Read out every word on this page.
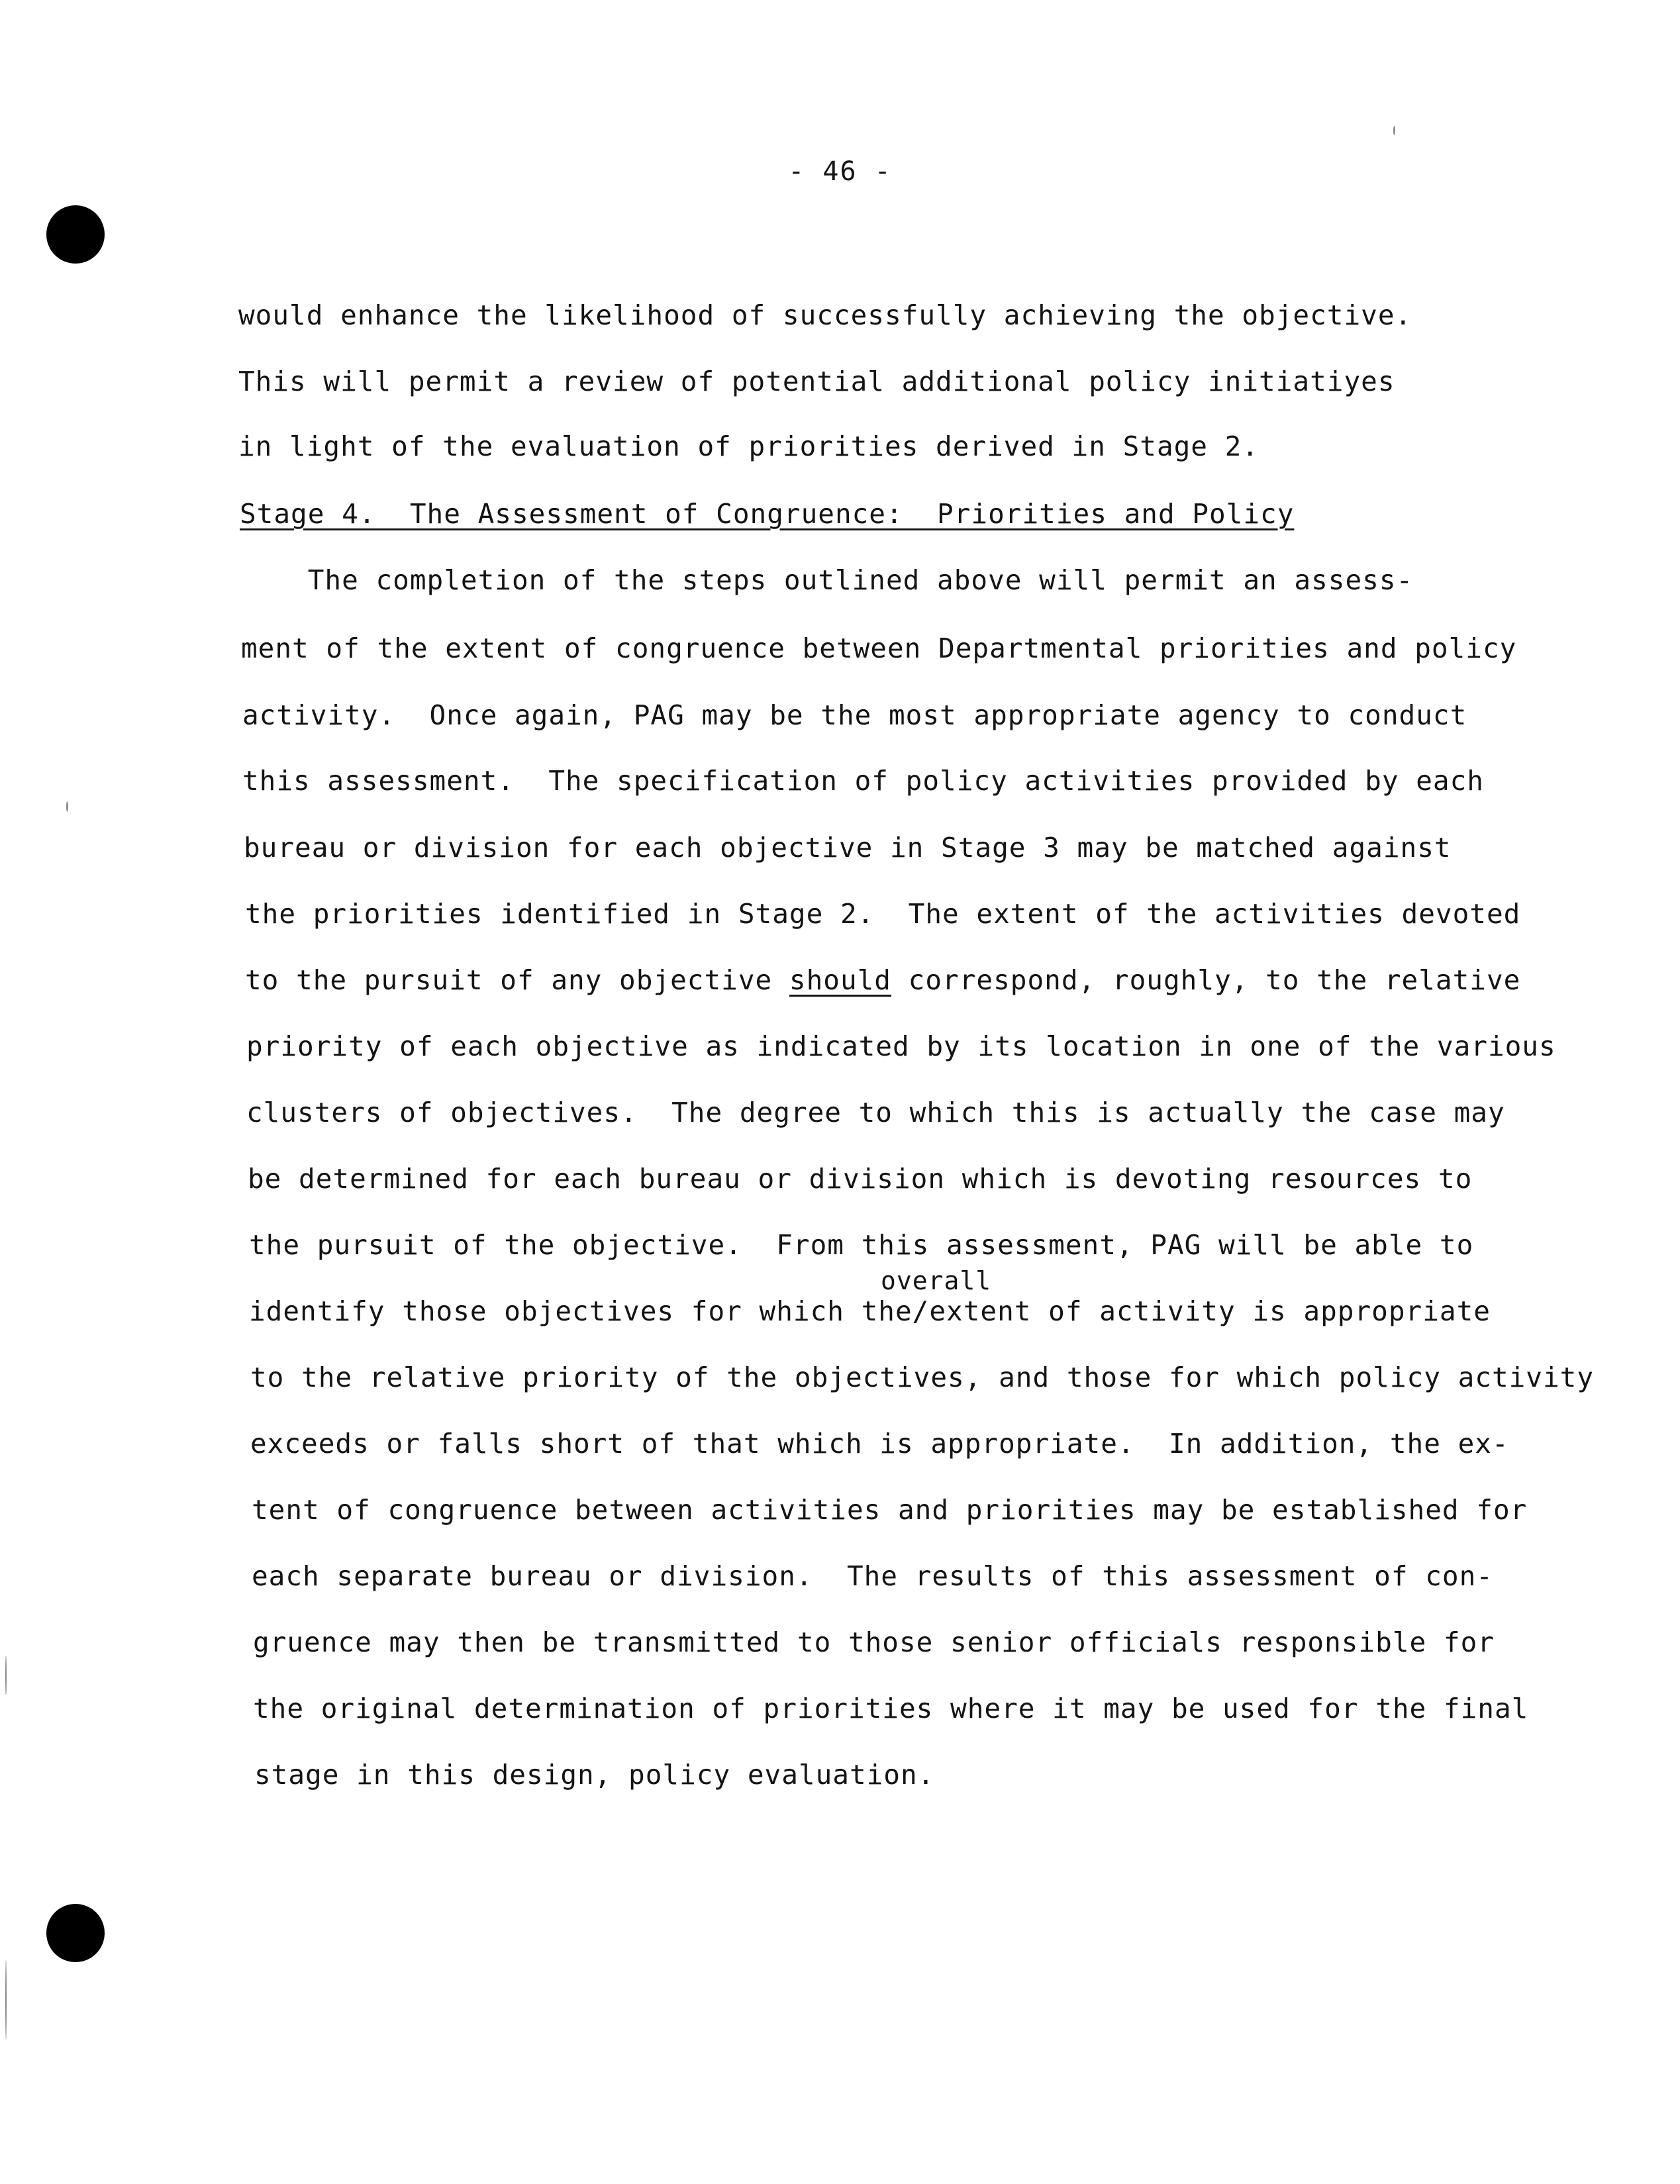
- 46 -
would enhance the likelihood of successfully achieving the objective.
This will permit a review of potential additional policy initiatiyes
in light of the evaluation of priorities derived in Stage 2.
Stage 4.  The Assessment of Congruence:  Priorities and Policy
The completion of the steps outlined above will permit an assess-
ment of the extent of congruence between Departmental priorities and policy
activity.  Once again, PAG may be the most appropriate agency to conduct
this assessment.  The specification of policy activities provided by each
bureau or division for each objective in Stage 3 may be matched against
the priorities identified in Stage 2.  The extent of the activities devoted
to the pursuit of any objective should correspond, roughly, to the relative
priority of each objective as indicated by its location in one of the various
clusters of objectives.  The degree to which this is actually the case may
be determined for each bureau or division which is devoting resources to
the pursuit of the objective.  From this assessment, PAG will be able to
overall
identify those objectives for which the/extent of activity is appropriate
to the relative priority of the objectives, and those for which policy activity
exceeds or falls short of that which is appropriate.  In addition, the ex-
tent of congruence between activities and priorities may be established for
each separate bureau or division.  The results of this assessment of con-
gruence may then be transmitted to those senior officials responsible for
the original determination of priorities where it may be used for the final
stage in this design, policy evaluation.
